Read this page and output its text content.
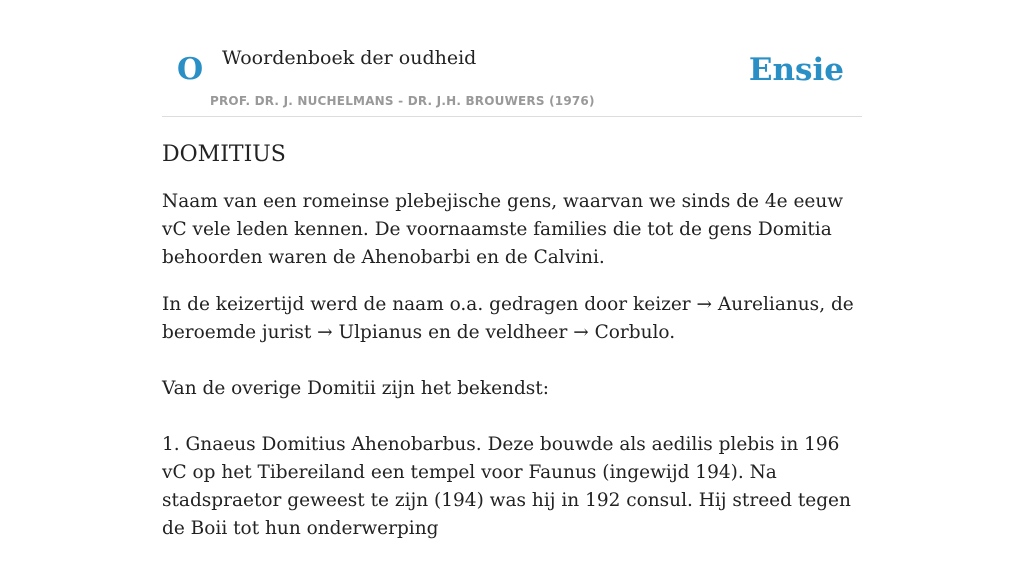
O Woordenboek der oudheid
PROF. DR. J. NUCHELMANS - DR. J.H. BROUWERS (1976)
Ensie
DOMITIUS

Naam van een romeinse plebejische gens, waarvan we sinds de 4e eeuw vC vele leden kennen. De voornaamste families die tot de gens Domitia behoorden waren de Ahenobarbi en de Calvini.

In de keizertijd werd de naam o.a. gedragen door keizer → Aurelianus, de beroemde jurist → Ulpianus en de veldheer → Corbulo.

Van de overige Domitii zijn het bekendst:

1. Gnaeus Domitius Ahenobarbus. Deze bouwde als aedilis plebis in 196 vC op het Tibereiland een tempel voor Faunus (ingewijd 194). Na stadspraetor geweest te zijn (194) was hij in 192 consul. Hij streed tegen de Boii tot hun onderwerping
